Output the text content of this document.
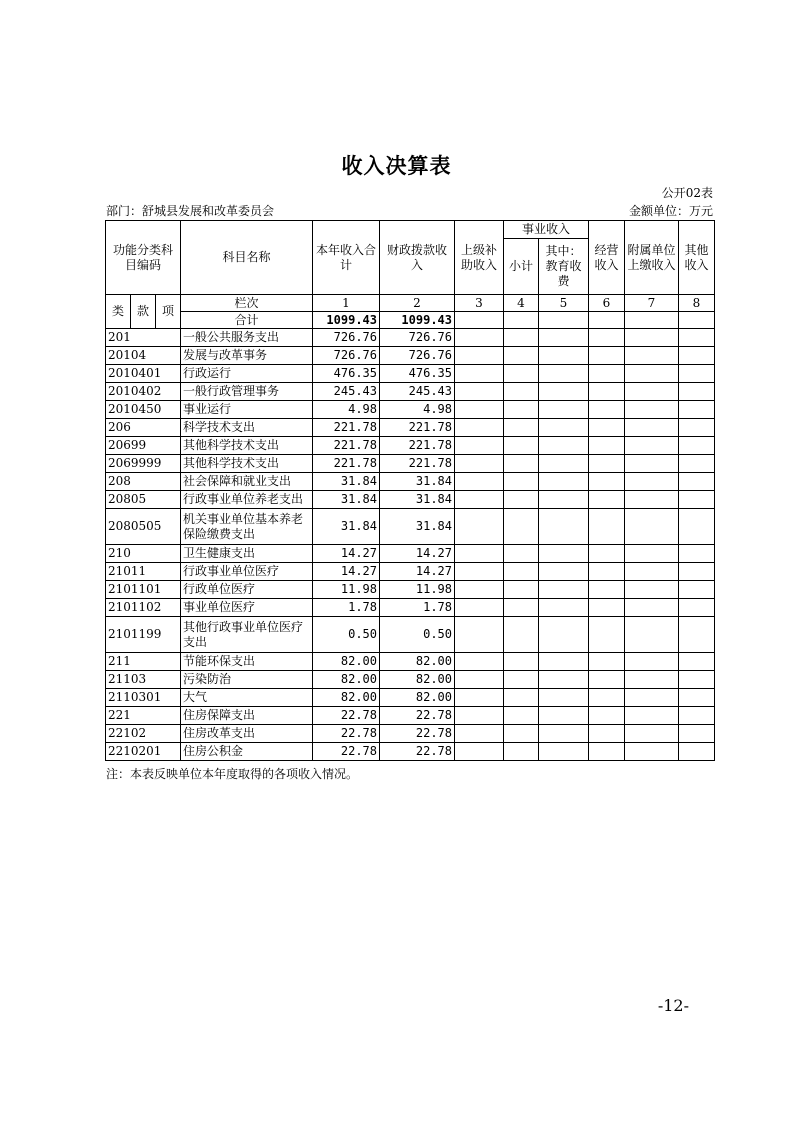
收入决算表
公开02表
部门：舒城县发展和改革委员会	金额单位：万元
功能分类科目编码			科目名称	本年收入合计	财政拨款收入	上级补助收入	事业收入		经营收入	附属单位上缴收入	其他收入
							小计	其中：教育收费			

类	款	项	栏次	1	2	3	4	5	6	7	8
			合计	1099.43	1099.43						
201			一般公共服务支出	726.76	726.76						
20104			发展与改革事务	726.76	726.76						
2010401			行政运行	476.35	476.35						
2010402			一般行政管理事务	245.43	245.43						
2010450			事业运行	4.98	4.98						
206			科学技术支出	221.78	221.78						
20699			其他科学技术支出	221.78	221.78						
2069999			其他科学技术支出	221.78	221.78						
208			社会保障和就业支出	31.84	31.84						
20805			行政事业单位养老支出	31.84	31.84						
2080505			机关事业单位基本养老保险缴费支出	31.84	31.84						
210			卫生健康支出	14.27	14.27						
21011			行政事业单位医疗	14.27	14.27						
2101101			行政单位医疗	11.98	11.98						
2101102			事业单位医疗	1.78	1.78						
2101199			其他行政事业单位医疗支出	0.50	0.50						
211			节能环保支出	82.00	82.00						
21103			污染防治	82.00	82.00						
2110301			大气	82.00	82.00						
221			住房保障支出	22.78	22.78						
22102			住房改革支出	22.78	22.78						
2210201			住房公积金	22.78	22.78						
注：本表反映单位本年度取得的各项收入情况。
-12-
